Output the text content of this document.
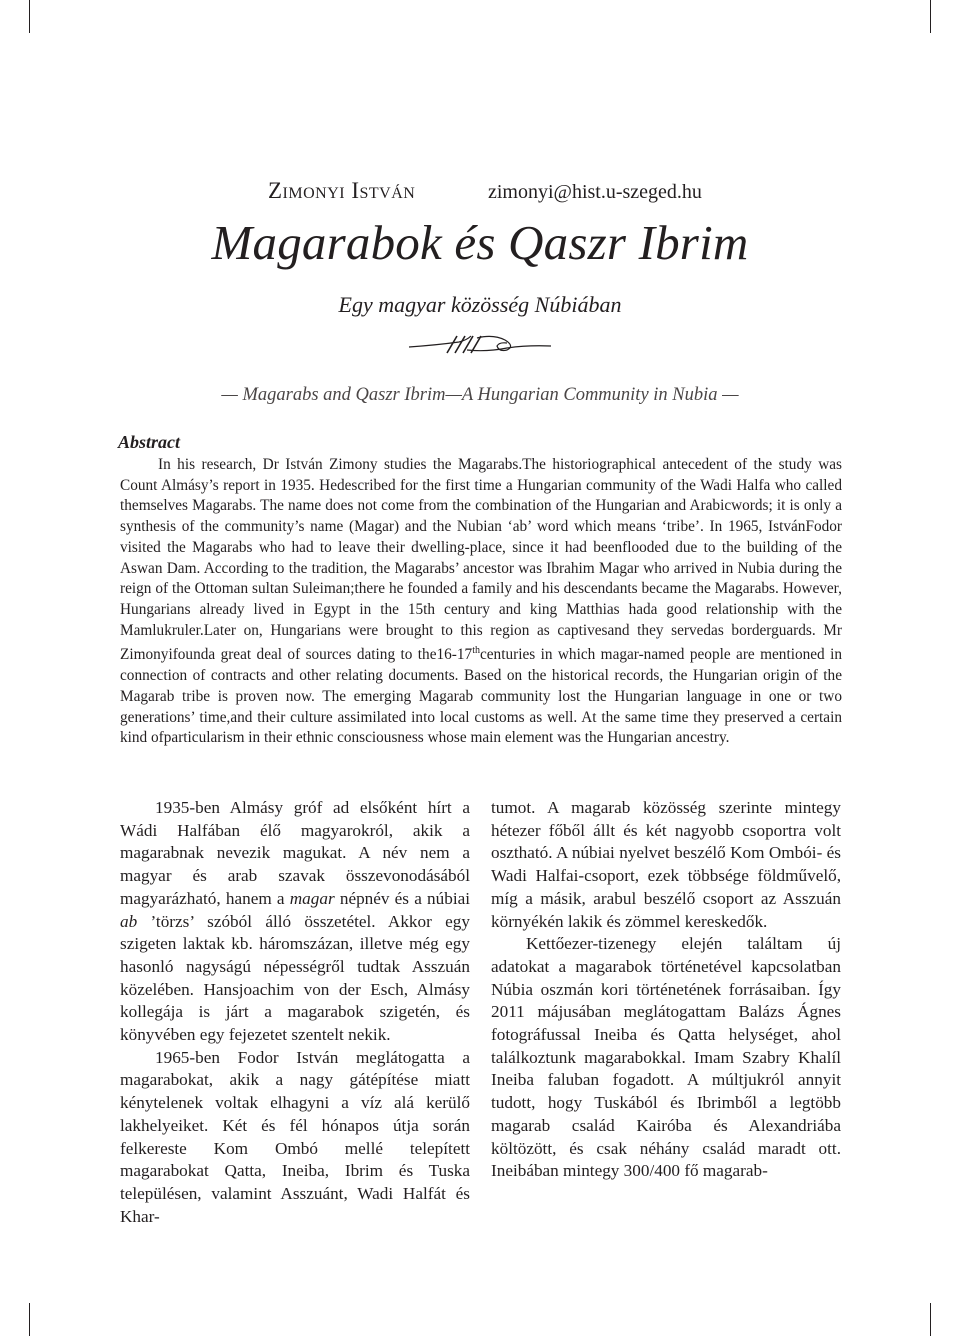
Zimonyi István	zimonyi@hist.u-szeged.hu
Magarabok és Qaszr Ibrim
Egy magyar közösség Núbiában
— Magarabs and Qaszr Ibrim—A Hungarian Community in Nubia —
Abstract

In his research, Dr István Zimony studies the Magarabs.The historiographical antecedent of the study was Count Almásy’s report in 1935. Hedescribed for the first time a Hungarian community of the Wadi Halfa who called themselves Magarabs. The name does not come from the combination of the Hungarian and Arabicwords; it is only a synthesis of the community’s name (Magar) and the Nubian ‘ab’ word which means ‘tribe’. In 1965, IstvánFodor visited the Magarabs who had to leave their dwelling-place, since it had beenflooded due to the building of the Aswan Dam. According to the tradition, the Magarabs’ ancestor was Ibrahim Magar who arrived in Nubia during the reign of the Ottoman sultan Suleiman;there he founded a family and his descendants became the Magarabs. However, Hungarians already lived in Egypt in the 15th century and king Matthias hada good relationship with the Mamlukruler.Later on, Hungarians were brought to this region as captivesand they servedas borderguards. Mr Zimonyifounda great deal of sources dating to the16-17thcenturies in which magar-named people are mentioned in connection of contracts and other relating documents. Based on the historical records, the Hungarian origin of the Magarab tribe is proven now. The emerging Magarab community lost the Hungarian language in one or two generations’ time,and their culture assimilated into local customs as well. At the same time they preserved a certain kind ofparticularism in their ethnic consciousness whose main element was the Hungarian ancestry.

1935-ben Almásy gróf ad elsőként hírt a Wádi Halfában élő magyarokról, akik a magarabnak nevezik magukat. A név nem a magyar és arab szavak összevonodásából magyarázható, hanem a magar népnév és a núbiai ab ’törzs’ szóból álló összetétel. Akkor egy szigeten laktak kb. háromszázan, illetve még egy hasonló nagyságú népességről tudtak Asszuán közelében. Hansjoachim von der Esch, Almásy kollegája is járt a magarabok szigetén, és könyvében egy fejezetet szentelt nekik.

1965-ben Fodor István meglátogatta a magarabokat, akik a nagy gátépítése miatt kénytelenek voltak elhagyni a víz alá kerülő lakhelyeiket. Két és fél hónapos útja során felkereste Kom Ombó mellé telepített magarabokat Qatta, Ineiba, Ibrim és Tuska településen, valamint Asszuánt, Wadi Halfát és Khar-

tumot. A magarab közösség szerinte mintegy hétezer főből állt és két nagyobb csoportra volt osztható. A núbiai nyelvet beszélő Kom Ombói- és Wadi Halfai-csoport, ezek többsége földművelő, míg a másik, arabul beszélő csoport az Asszuán környékén lakik és zömmel kereskedők.

Kettőezer-tizenegy elején találtam új adatokat a magarabok történetével kapcsolatban Núbia oszmán kori történetének forrásaiban. Így 2011 májusában meglátogattam Balázs Ágnes fotográfussal Ineiba és Qatta helységet, ahol találkoztunk magarabokkal. Imam Szabry Khalíl Ineiba faluban fogadott. A múltjukról annyit tudott, hogy Tuskából és Ibrimből a legtöbb magarab család Kairóba és Alexandriába költözött, és csak néhány család maradt ott. Ineibában mintegy 300/400 fő magarab-
